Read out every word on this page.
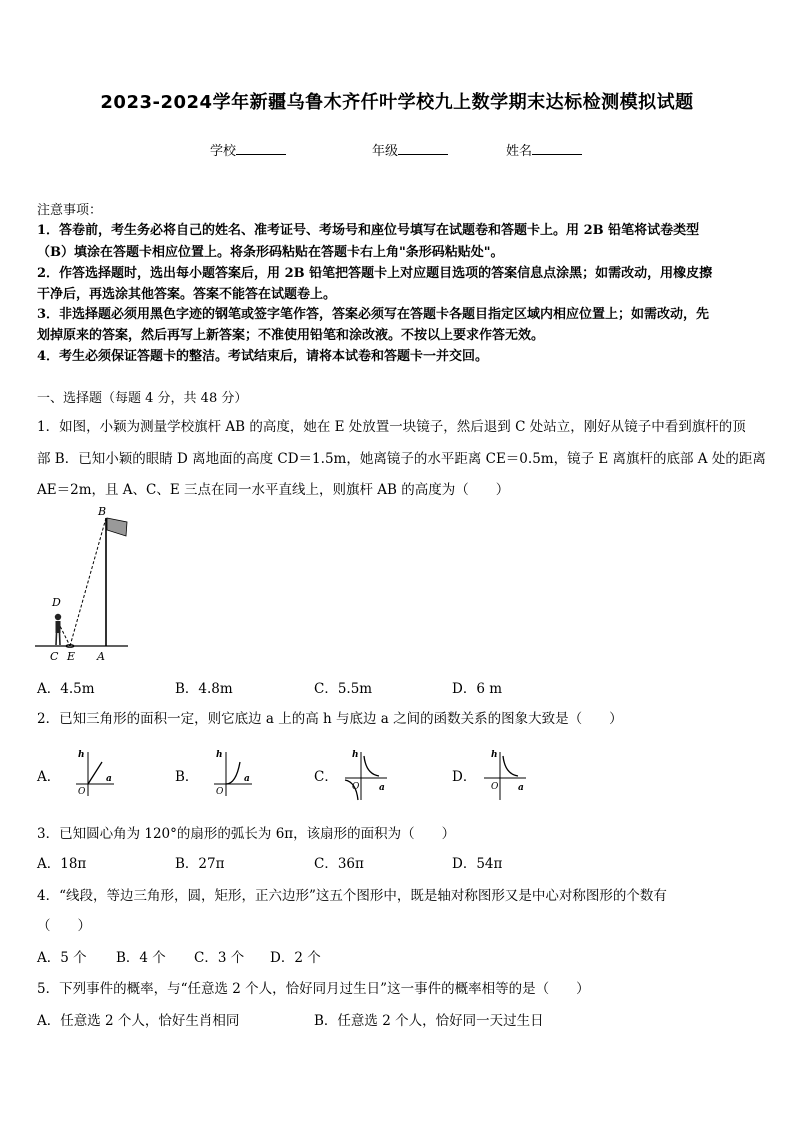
2023-2024学年新疆乌鲁木齐仟叶学校九上数学期末达标检测模拟试题
学校	年级	姓名
注意事项：
1．答卷前，考生务必将自己的姓名、准考证号、考场号和座位号填写在试题卷和答题卡上。用 2B 铅笔将试卷类型
（B）填涂在答题卡相应位置上。将条形码粘贴在答题卡右上角"条形码粘贴处"。
2．作答选择题时，选出每小题答案后，用 2B 铅笔把答题卡上对应题目选项的答案信息点涂黑；如需改动，用橡皮擦
干净后，再选涂其他答案。答案不能答在试题卷上。
3．非选择题必须用黑色字迹的钢笔或签字笔作答，答案必须写在答题卡各题目指定区域内相应位置上；如需改动，先
划掉原来的答案，然后再写上新答案；不准使用铅笔和涂改液。不按以上要求作答无效。
4．考生必须保证答题卡的整洁。考试结束后，请将本试卷和答题卡一并交回。
一、选择题（每题 4 分，共 48 分）
1．如图，小颖为测量学校旗杆 AB 的高度，她在 E 处放置一块镜子，然后退到 C 处站立，刚好从镜子中看到旗杆的顶
部 B．已知小颖的眼睛 D 离地面的高度 CD＝1.5m，她离镜子的水平距离 CE＝0.5m，镜子 E 离旗杆的底部 A 处的距离
AE＝2m，且 A、C、E 三点在同一水平直线上，则旗杆 AB 的高度为（　　）
B
D
C E A
A．4.5m	B．4.8m	C．5.5m	D．6 m
2．已知三角形的面积一定，则它底边 a 上的高 h 与底边 a 之间的函数关系的图象大致是（　　）
A．
h
a
O
B．
h
a
O
C．
h
a
O
D．
h
a
O
3．已知圆心角为 120°的扇形的弧长为 6π，该扇形的面积为（　　）
A．18π	B．27π	C．36π	D．54π
4．“线段，等边三角形，圆，矩形，正六边形”这五个图形中，既是轴对称图形又是中心对称图形的个数有
（　　）
A．5 个 B．4 个 C．3 个 D．2 个
5．下列事件的概率，与“任意选 2 个人，恰好同月过生日”这一事件的概率相等的是（　　）
A．任意选 2 个人，恰好生肖相同	B．任意选 2 个人，恰好同一天过生日
